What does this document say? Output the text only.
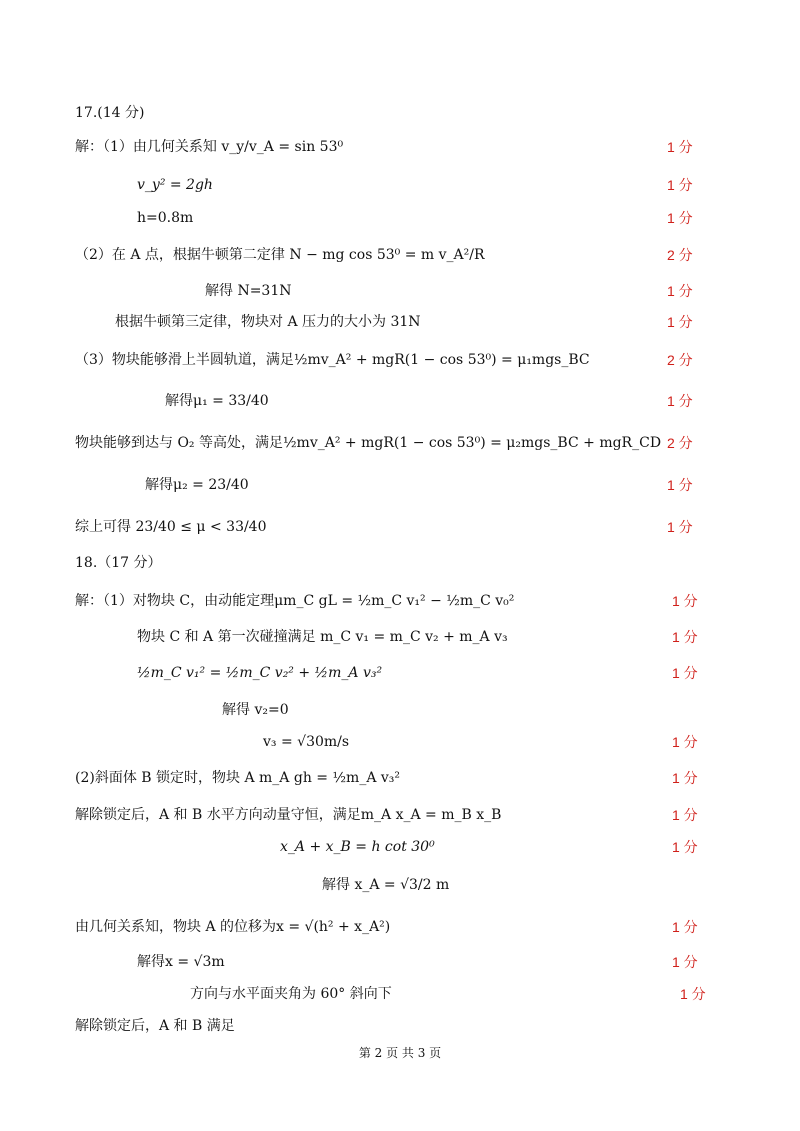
17.(14 分)
解：（1）由几何关系知 v_y/v_A = sin 53⁰	1 分
v_y² = 2gh	1 分
h=0.8m	1 分
（2）在 A 点，根据牛顿第二定律 N − mg cos 53⁰ = m v_A²/R	2 分
解得 N=31N	1 分
根据牛顿第三定律，物块对 A 压力的大小为 31N	1 分
（3）物块能够滑上半圆轨道，满足½mv_A² + mgR(1 − cos 53⁰) = μ₁mgs_BC	2 分
解得μ₁ = 33/40	1 分
物块能够到达与 O₂ 等高处，满足½mv_A² + mgR(1 − cos 53⁰) = μ₂mgs_BC + mgR_CD 2 分
解得μ₂ = 23/40	1 分
综上可得 23/40 ≤ μ < 33/40	1 分
18.（17 分）
解：（1）对物块 C，由动能定理μm_C gL = ½m_C v₁² − ½m_C v₀²	1 分
物块 C 和 A 第一次碰撞满足 m_C v₁ = m_C v₂ + m_A v₃	1 分
½m_C v₁² = ½m_C v₂² + ½m_A v₃²	1 分
解得 v₂=0
v₃ = √30m/s	1 分
(2)斜面体 B 锁定时，物块 A m_A gh = ½m_A v₃²	1 分
解除锁定后，A 和 B 水平方向动量守恒，满足m_A x_A = m_B x_B	1 分
x_A + x_B = h cot 30⁰	1 分
解得 x_A = √3/2 m
由几何关系知，物块 A 的位移为x = √(h² + x_A²)	1 分
解得x = √3m	1 分
方向与水平面夹角为 60° 斜向下	1 分
解除锁定后，A 和 B 满足
第 2 页 共 3 页
